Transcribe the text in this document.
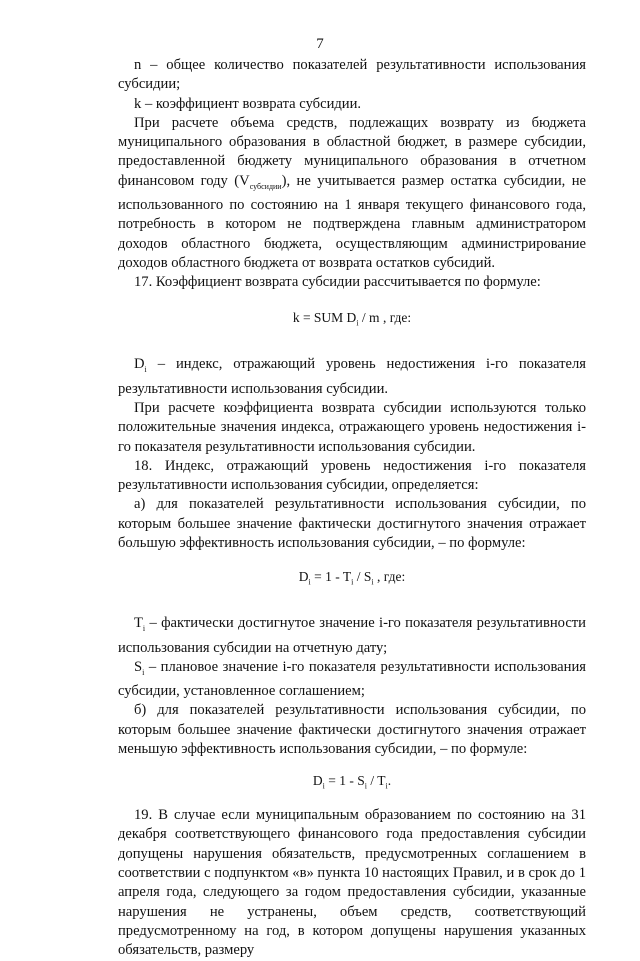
7

n – общее количество показателей результативности использования субсидии;

k – коэффициент возврата субсидии.

При расчете объема средств, подлежащих возврату из бюджета муниципального образования в областной бюджет, в размере субсидии, предоставленной бюджету муниципального образования в отчетном финансовом году $(V_{субсидии})$, не учитывается размер остатка субсидии, не использованного по состоянию на 1 января текущего финансового года, потребность в котором не подтверждена главным администратором доходов областного бюджета, осуществляющим администрирование доходов областного бюджета от возврата остатков субсидий.

17. Коэффициент возврата субсидии рассчитывается по формуле:

k = SUM $D_i$ / m , где:

$D_i$ – индекс, отражающий уровень недостижения i-го показателя результативности использования субсидии.

При расчете коэффициента возврата субсидии используются только положительные значения индекса, отражающего уровень недостижения i-го показателя результативности использования субсидии.

18. Индекс, отражающий уровень недостижения i-го показателя результативности использования субсидии, определяется:

а) для показателей результативности использования субсидии, по которым большее значение фактически достигнутого значения отражает большую эффективность использования субсидии, – по формуле:

$D_i = 1 - T_i / S_i$ , где:

$T_i$ – фактически достигнутое значение i-го показателя результативности использования субсидии на отчетную дату;

$S_i$ – плановое значение i-го показателя результативности использования субсидии, установленное соглашением;

б) для показателей результативности использования субсидии, по которым большее значение фактически достигнутого значения отражает меньшую эффективность использования субсидии, – по формуле:

$D_i = 1 - S_i / T_i$.

19. В случае если муниципальным образованием по состоянию на 31 декабря соответствующего финансового года предоставления субсидии допущены нарушения обязательств, предусмотренных соглашением в соответствии с подпунктом «в» пункта 10 настоящих Правил, и в срок до 1 апреля года, следующего за годом предоставления субсидии, указанные нарушения не устранены, объем средств, соответствующий предусмотренному на год, в котором допущены нарушения указанных обязательств, размеру
